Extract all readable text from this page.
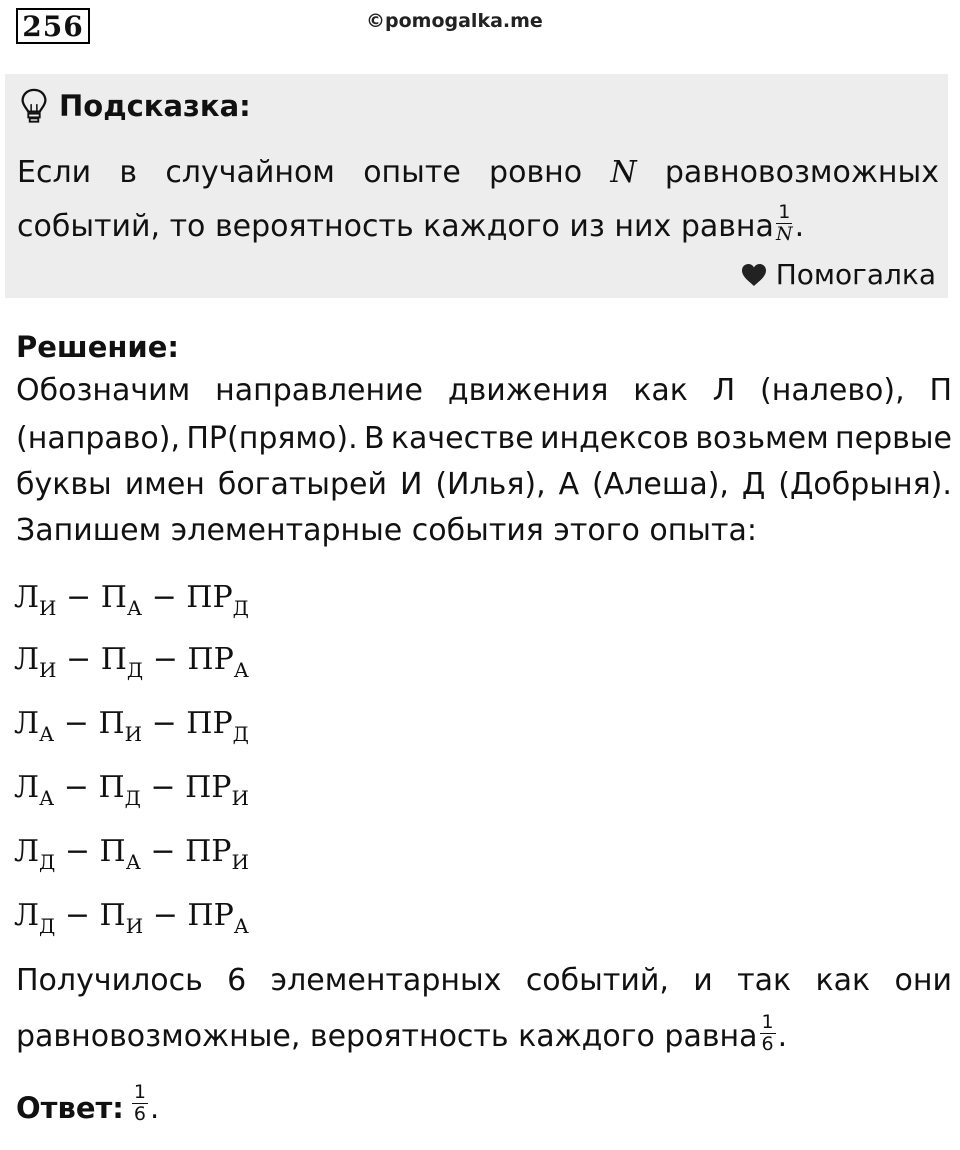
256	©pomogalka.me
Подсказка:
Если в случайном опыте ровно N равновозможных
событий, то вероятность каждого из них равна $\frac{1}{N}$ .
Помогалка
Решение:
Обозначим направление движения как Л (налево), П
(направо), ПР(прямо). В качестве индексов возьмем первые
буквы имен богатырей И (Илья), А (Алеша), Д (Добрыня).
Запишем элементарные события этого опыта:
$Л_И - П_А - ПР_Д$
$Л_И - П_Д - ПР_А$
$Л_А - П_И - ПР_Д$
$Л_А - П_Д - ПР_И$
$Л_Д - П_А - ПР_И$
$Л_Д - П_И - ПР_А$
Получилось 6 элементарных событий, и так как они
равновозможные, вероятность каждого равна $\frac{1}{6}$ .
Ответ: $\frac{1}{6}$ .
